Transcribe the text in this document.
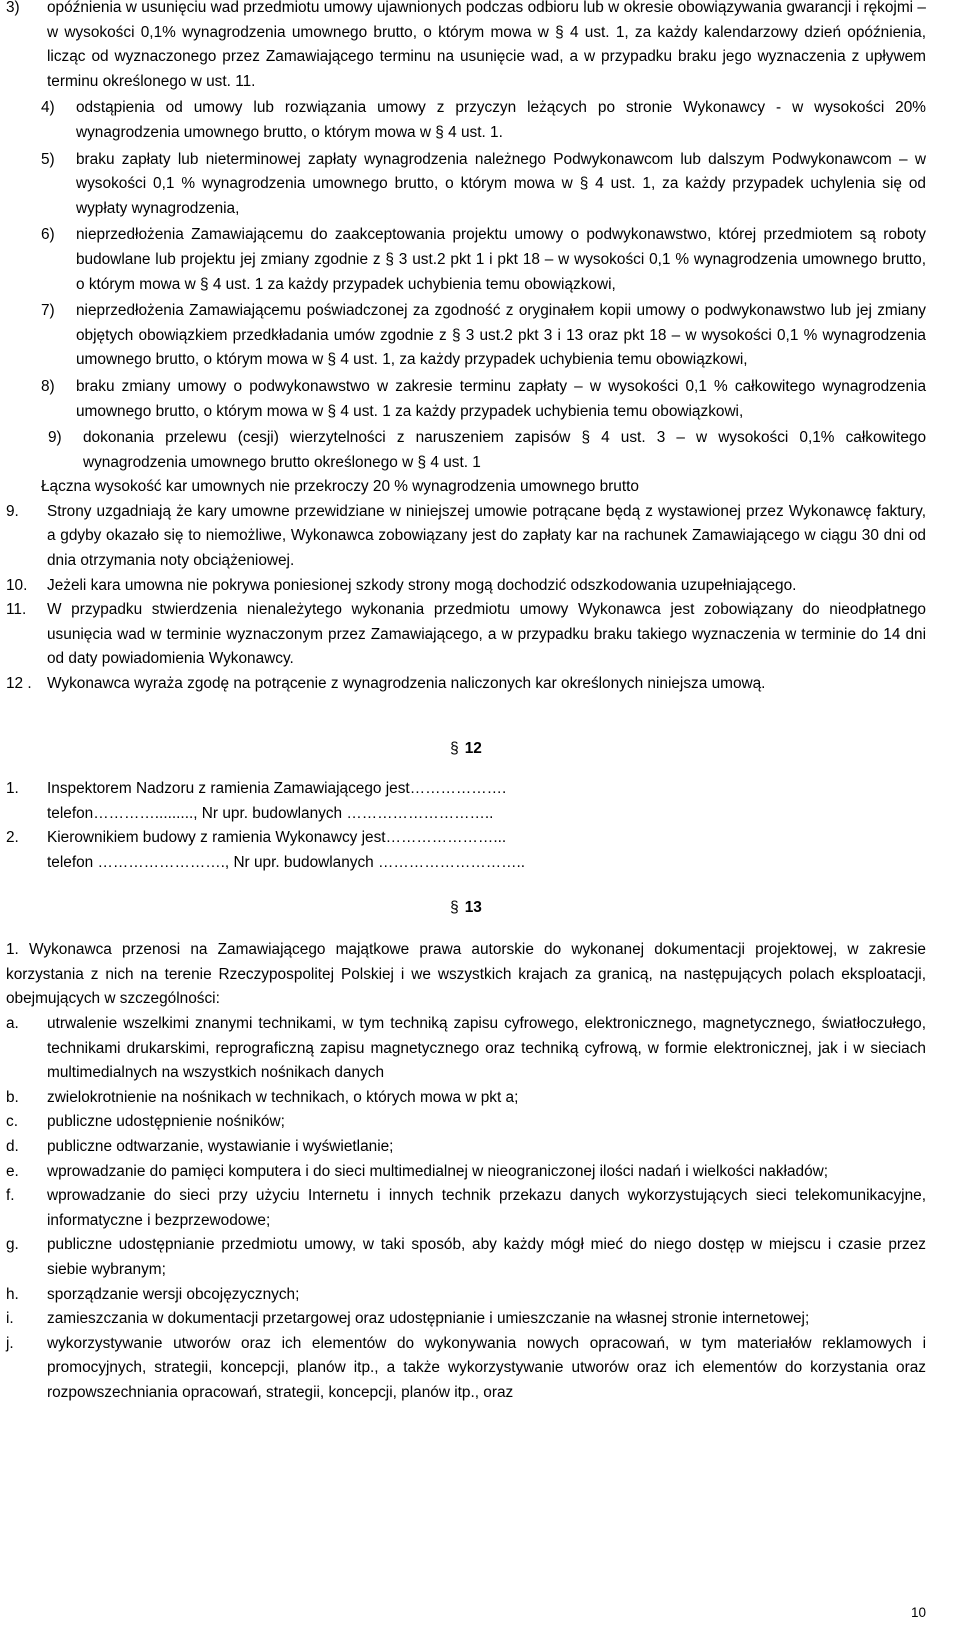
3)	opóźnienia w usunięciu wad przedmiotu umowy ujawnionych podczas odbioru lub w okresie obowiązywania gwarancji i rękojmi – w wysokości 0,1% wynagrodzenia umownego brutto, o którym mowa w § 4 ust. 1, za każdy kalendarzowy dzień opóźnienia, licząc od wyznaczonego przez Zamawiającego terminu na usunięcie wad, a w przypadku braku jego wyznaczenia z upływem terminu określonego w ust. 11.
4)	odstąpienia od umowy lub rozwiązania umowy z przyczyn leżących po stronie Wykonawcy - w wysokości 20% wynagrodzenia umownego brutto, o którym mowa w § 4 ust. 1.
5)	braku zapłaty lub nieterminowej zapłaty wynagrodzenia należnego Podwykonawcom lub dalszym Podwykonawcom – w wysokości 0,1 % wynagrodzenia umownego brutto, o którym mowa w § 4 ust. 1, za każdy przypadek uchylenia się od wypłaty wynagrodzenia,
6)	nieprzedłożenia Zamawiającemu do zaakceptowania projektu umowy o podwykonawstwo, której przedmiotem są roboty budowlane lub projektu jej zmiany zgodnie z § 3 ust.2 pkt 1 i pkt 18 – w wysokości 0,1 % wynagrodzenia umownego brutto, o którym mowa w § 4 ust. 1 za każdy przypadek uchybienia temu obowiązkowi,
7)	nieprzedłożenia Zamawiającemu poświadczonej za zgodność z oryginałem kopii umowy o podwykonawstwo lub jej zmiany objętych obowiązkiem przedkładania umów zgodnie z § 3 ust.2 pkt 3 i 13 oraz pkt 18 – w wysokości 0,1 % wynagrodzenia umownego brutto, o którym mowa w § 4 ust. 1, za każdy przypadek uchybienia temu obowiązkowi,
8)	braku zmiany umowy o podwykonawstwo w zakresie terminu zapłaty – w wysokości 0,1 % całkowitego wynagrodzenia umownego brutto, o którym mowa w § 4 ust. 1 za każdy przypadek uchybienia temu obowiązkowi,
9)	dokonania przelewu (cesji) wierzytelności z naruszeniem zapisów § 4 ust. 3 – w wysokości 0,1% całkowitego wynagrodzenia umownego brutto określonego w § 4 ust. 1
Łączna wysokość kar umownych nie przekroczy 20 % wynagrodzenia umownego brutto
9.	Strony uzgadniają że kary umowne przewidziane w niniejszej umowie potrącane będą z wystawionej przez Wykonawcę faktury, a gdyby okazało się to niemożliwe, Wykonawca zobowiązany jest do zapłaty kar na rachunek Zamawiającego w ciągu 30 dni od dnia otrzymania noty obciążeniowej.
10.	Jeżeli kara umowna nie pokrywa poniesionej szkody strony mogą dochodzić odszkodowania uzupełniającego.
11.	W przypadku stwierdzenia nienależytego wykonania przedmiotu umowy Wykonawca jest zobowiązany do nieodpłatnego usunięcia wad w terminie wyznaczonym przez Zamawiającego, a w przypadku braku takiego wyznaczenia w terminie do 14 dni od daty powiadomienia Wykonawcy.
12 . Wykonawca wyraża zgodę na potrącenie z wynagrodzenia naliczonych kar określonych niniejsza umową.
§ 12
1.	Inspektorem Nadzoru z ramienia Zamawiającego jest……………….
telefon…………........., Nr upr. budowlanych ………………………..
2.	Kierownikiem budowy z ramienia Wykonawcy jest…………………...
telefon ……………………., Nr upr. budowlanych ………………………..
§ 13
1. Wykonawca przenosi na Zamawiającego majątkowe prawa autorskie do wykonanej dokumentacji projektowej, w zakresie korzystania z nich na terenie Rzeczypospolitej Polskiej i we wszystkich krajach za granicą, na następujących polach eksploatacji, obejmujących w szczególności:
a.	utrwalenie wszelkimi znanymi technikami, w tym techniką zapisu cyfrowego, elektronicznego, magnetycznego, światłoczułego, technikami drukarskimi, reprograficzną zapisu magnetycznego oraz techniką cyfrową, w formie elektronicznej, jak i w sieciach multimedialnych na wszystkich nośnikach danych
b.	zwielokrotnienie na nośnikach w technikach, o których mowa w pkt a;
c.	publiczne udostępnienie nośników;
d.	publiczne odtwarzanie, wystawianie i wyświetlanie;
e.	wprowadzanie do pamięci komputera i do sieci multimedialnej w nieograniczonej ilości nadań i wielkości nakładów;
f.	wprowadzanie do sieci przy użyciu Internetu i innych technik przekazu danych wykorzystujących sieci telekomunikacyjne, informatyczne i bezprzewodowe;
g.	publiczne udostępnianie przedmiotu umowy, w taki sposób, aby każdy mógł mieć do niego dostęp w miejscu i czasie przez siebie wybranym;
h.	sporządzanie wersji obcojęzycznych;
i.	zamieszczania w dokumentacji przetargowej oraz udostępnianie i umieszczanie na własnej stronie internetowej;
j.	wykorzystywanie utworów oraz ich elementów do wykonywania nowych opracowań, w tym materiałów reklamowych i promocyjnych, strategii, koncepcji, planów itp., a także wykorzystywanie utworów oraz ich elementów do korzystania oraz rozpowszechniania opracowań, strategii, koncepcji, planów itp., oraz
10
